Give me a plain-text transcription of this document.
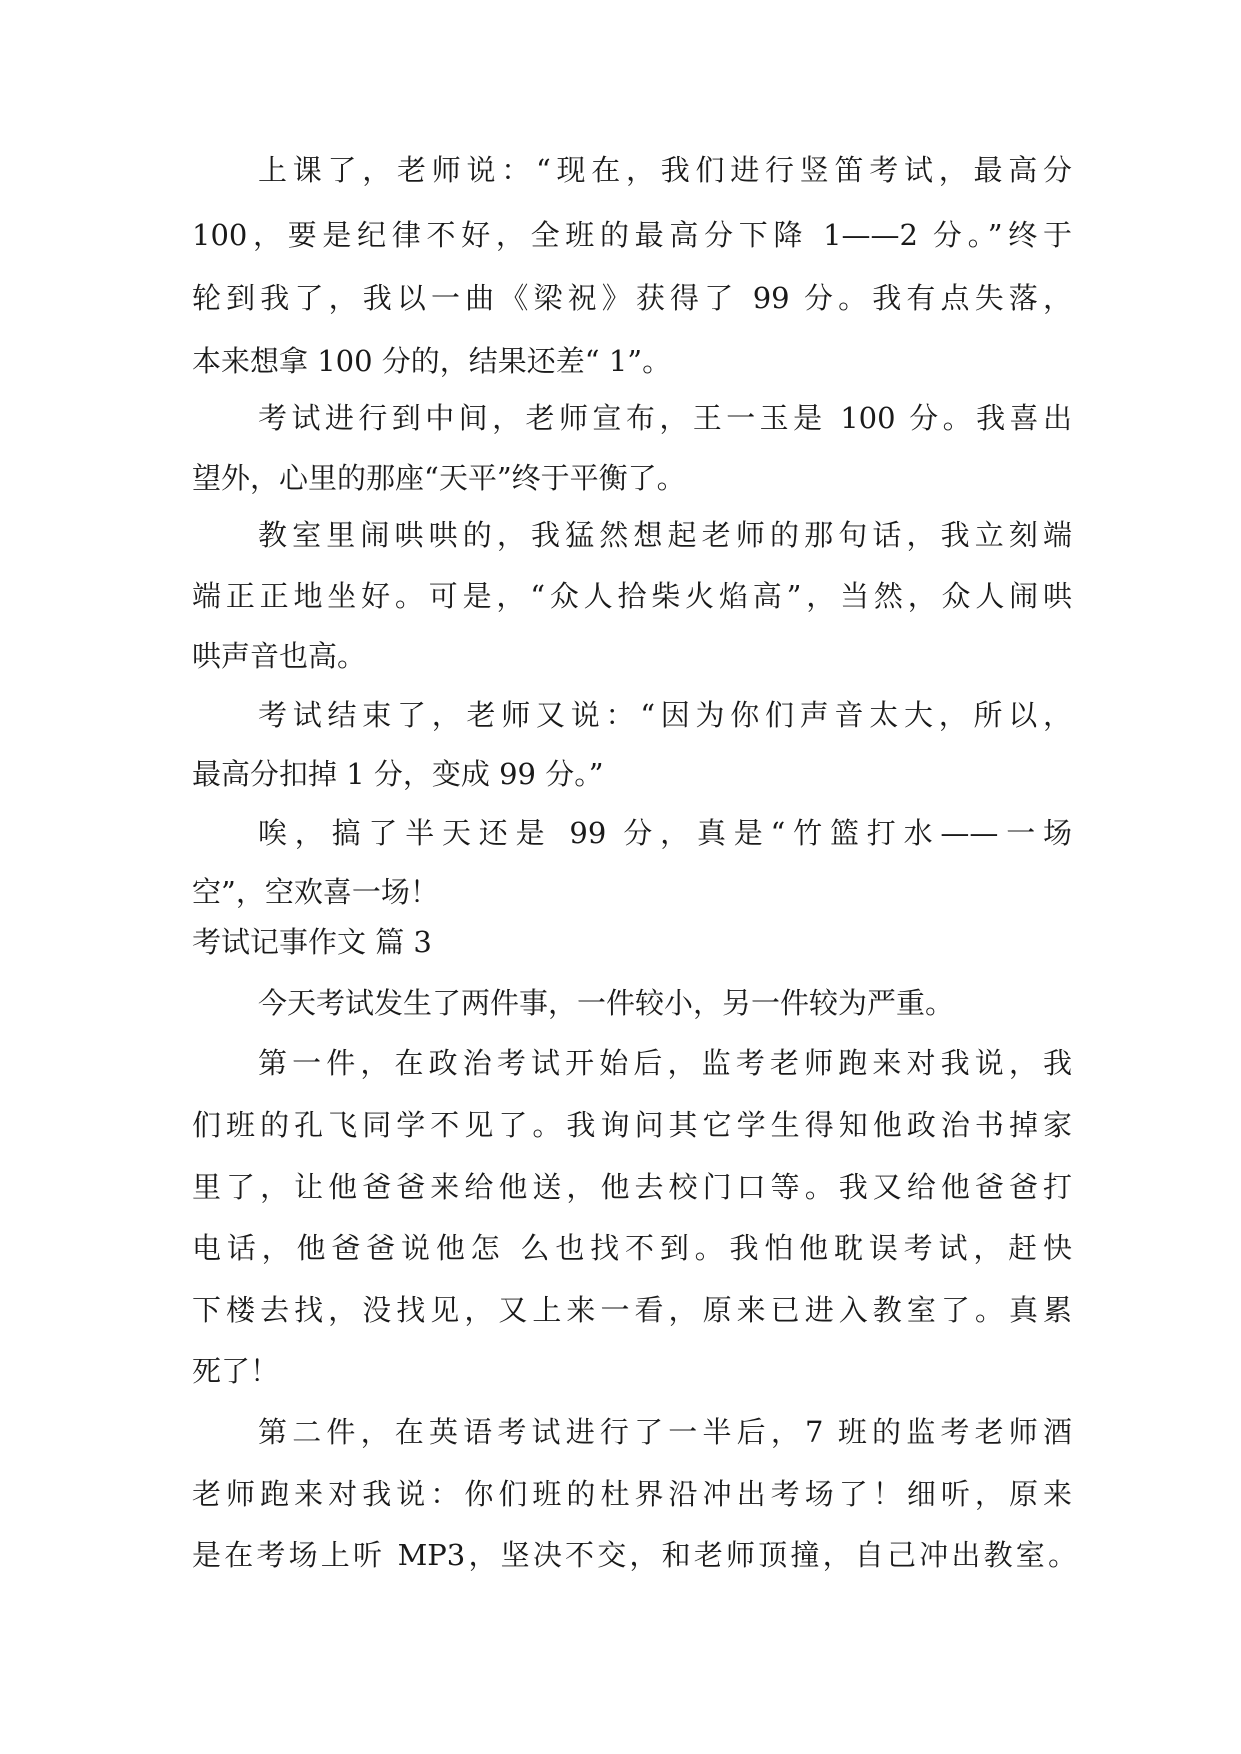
上课了，老师说：“现在，我们进行竖笛考试，最高分
100，要是纪律不好，全班的最高分下降 1——2 分。”终于
轮到我了，我以一曲《梁祝》获得了 99 分。我有点失落，
本来想拿 100 分的，结果还差“ 1”。
考试进行到中间，老师宣布，王一玉是 100 分。我喜出
望外，心里的那座“天平”终于平衡了。
教室里闹哄哄的，我猛然想起老师的那句话，我立刻端
端正正地坐好。可是，“众人拾柴火焰高”，当然，众人闹哄
哄声音也高。
考试结束了，老师又说：“因为你们声音太大，所以，
最高分扣掉 1 分，变成 99 分。”
唉，搞了半天还是 99 分，真是“竹篮打水——一场
空”，空欢喜一场！
考试记事作文 篇 3
今天考试发生了两件事，一件较小，另一件较为严重。
第一件，在政治考试开始后，监考老师跑来对我说，我
们班的孔飞同学不见了。我询问其它学生得知他政治书掉家
里了，让他爸爸来给他送，他去校门口等。我又给他爸爸打
电话，他爸爸说他怎 么也找不到。我怕他耽误考试，赶快
下楼去找，没找见，又上来一看，原来已进入教室了。真累
死了！
第二件，在英语考试进行了一半后，7 班的监考老师酒
老师跑来对我说：你们班的杜界沿冲出考场了！细听，原来
是在考场上听 MP3，坚决不交，和老师顶撞，自己冲出教室。
